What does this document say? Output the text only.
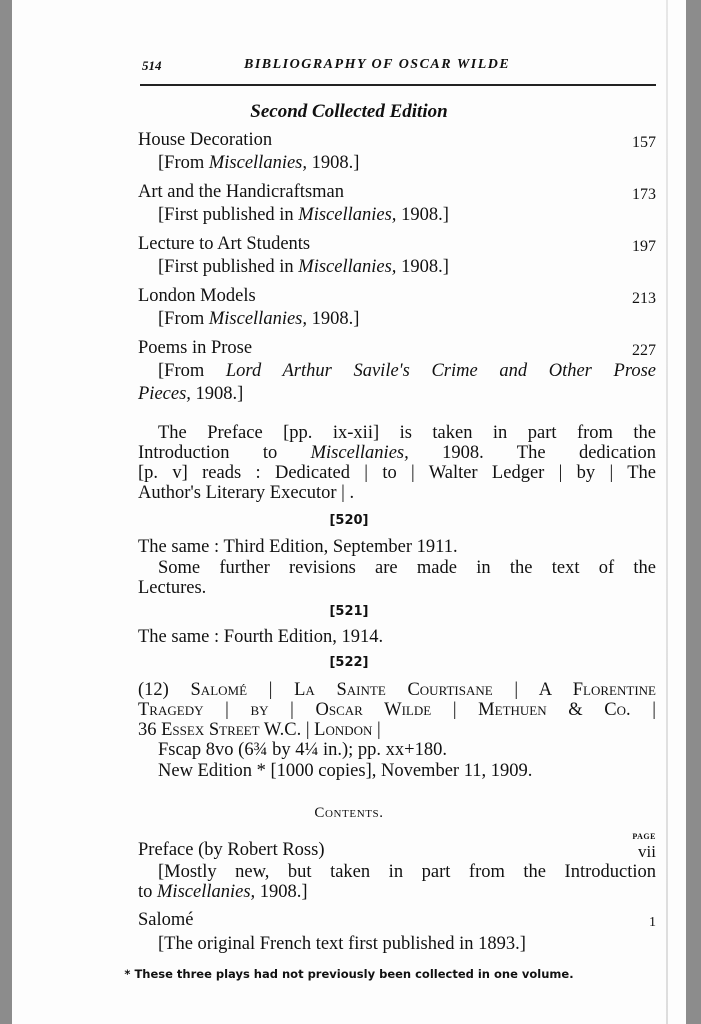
514	BIBLIOGRAPHY OF OSCAR WILDE
Second Collected Edition
House Decoration	157
[From Miscellanies, 1908.]
Art and the Handicraftsman	173
[First published in Miscellanies, 1908.]
Lecture to Art Students	197
[First published in Miscellanies, 1908.]
London Models	213
[From Miscellanies, 1908.]
Poems in Prose	227
[From Lord Arthur Savile's Crime and Other Prose
Pieces, 1908.]
The Preface [pp. ix-xii] is taken in part from the
Introduction to Miscellanies, 1908. The dedication
[p. v] reads : Dedicated | to | Walter Ledger | by | The
Author's Literary Executor | .
[520]
The same : Third Edition, September 1911.
Some further revisions are made in the text of the
Lectures.
[521]
The same : Fourth Edition, 1914.
[522]
(12) Salomé | La Sainte Courtisane | A Florentine
Tragedy | by | Oscar Wilde | Methuen & Co. |
36 Essex Street W.C. | London |
Fscap 8vo (6¾ by 4¼ in.); pp. xx+180.
New Edition * [1000 copies], November 11, 1909.
Contents.
PAGE
Preface (by Robert Ross)	vii
[Mostly new, but taken in part from the Introduction
to Miscellanies, 1908.]
Salomé	1
[The original French text first published in 1893.]
* These three plays had not previously been collected in one volume.
